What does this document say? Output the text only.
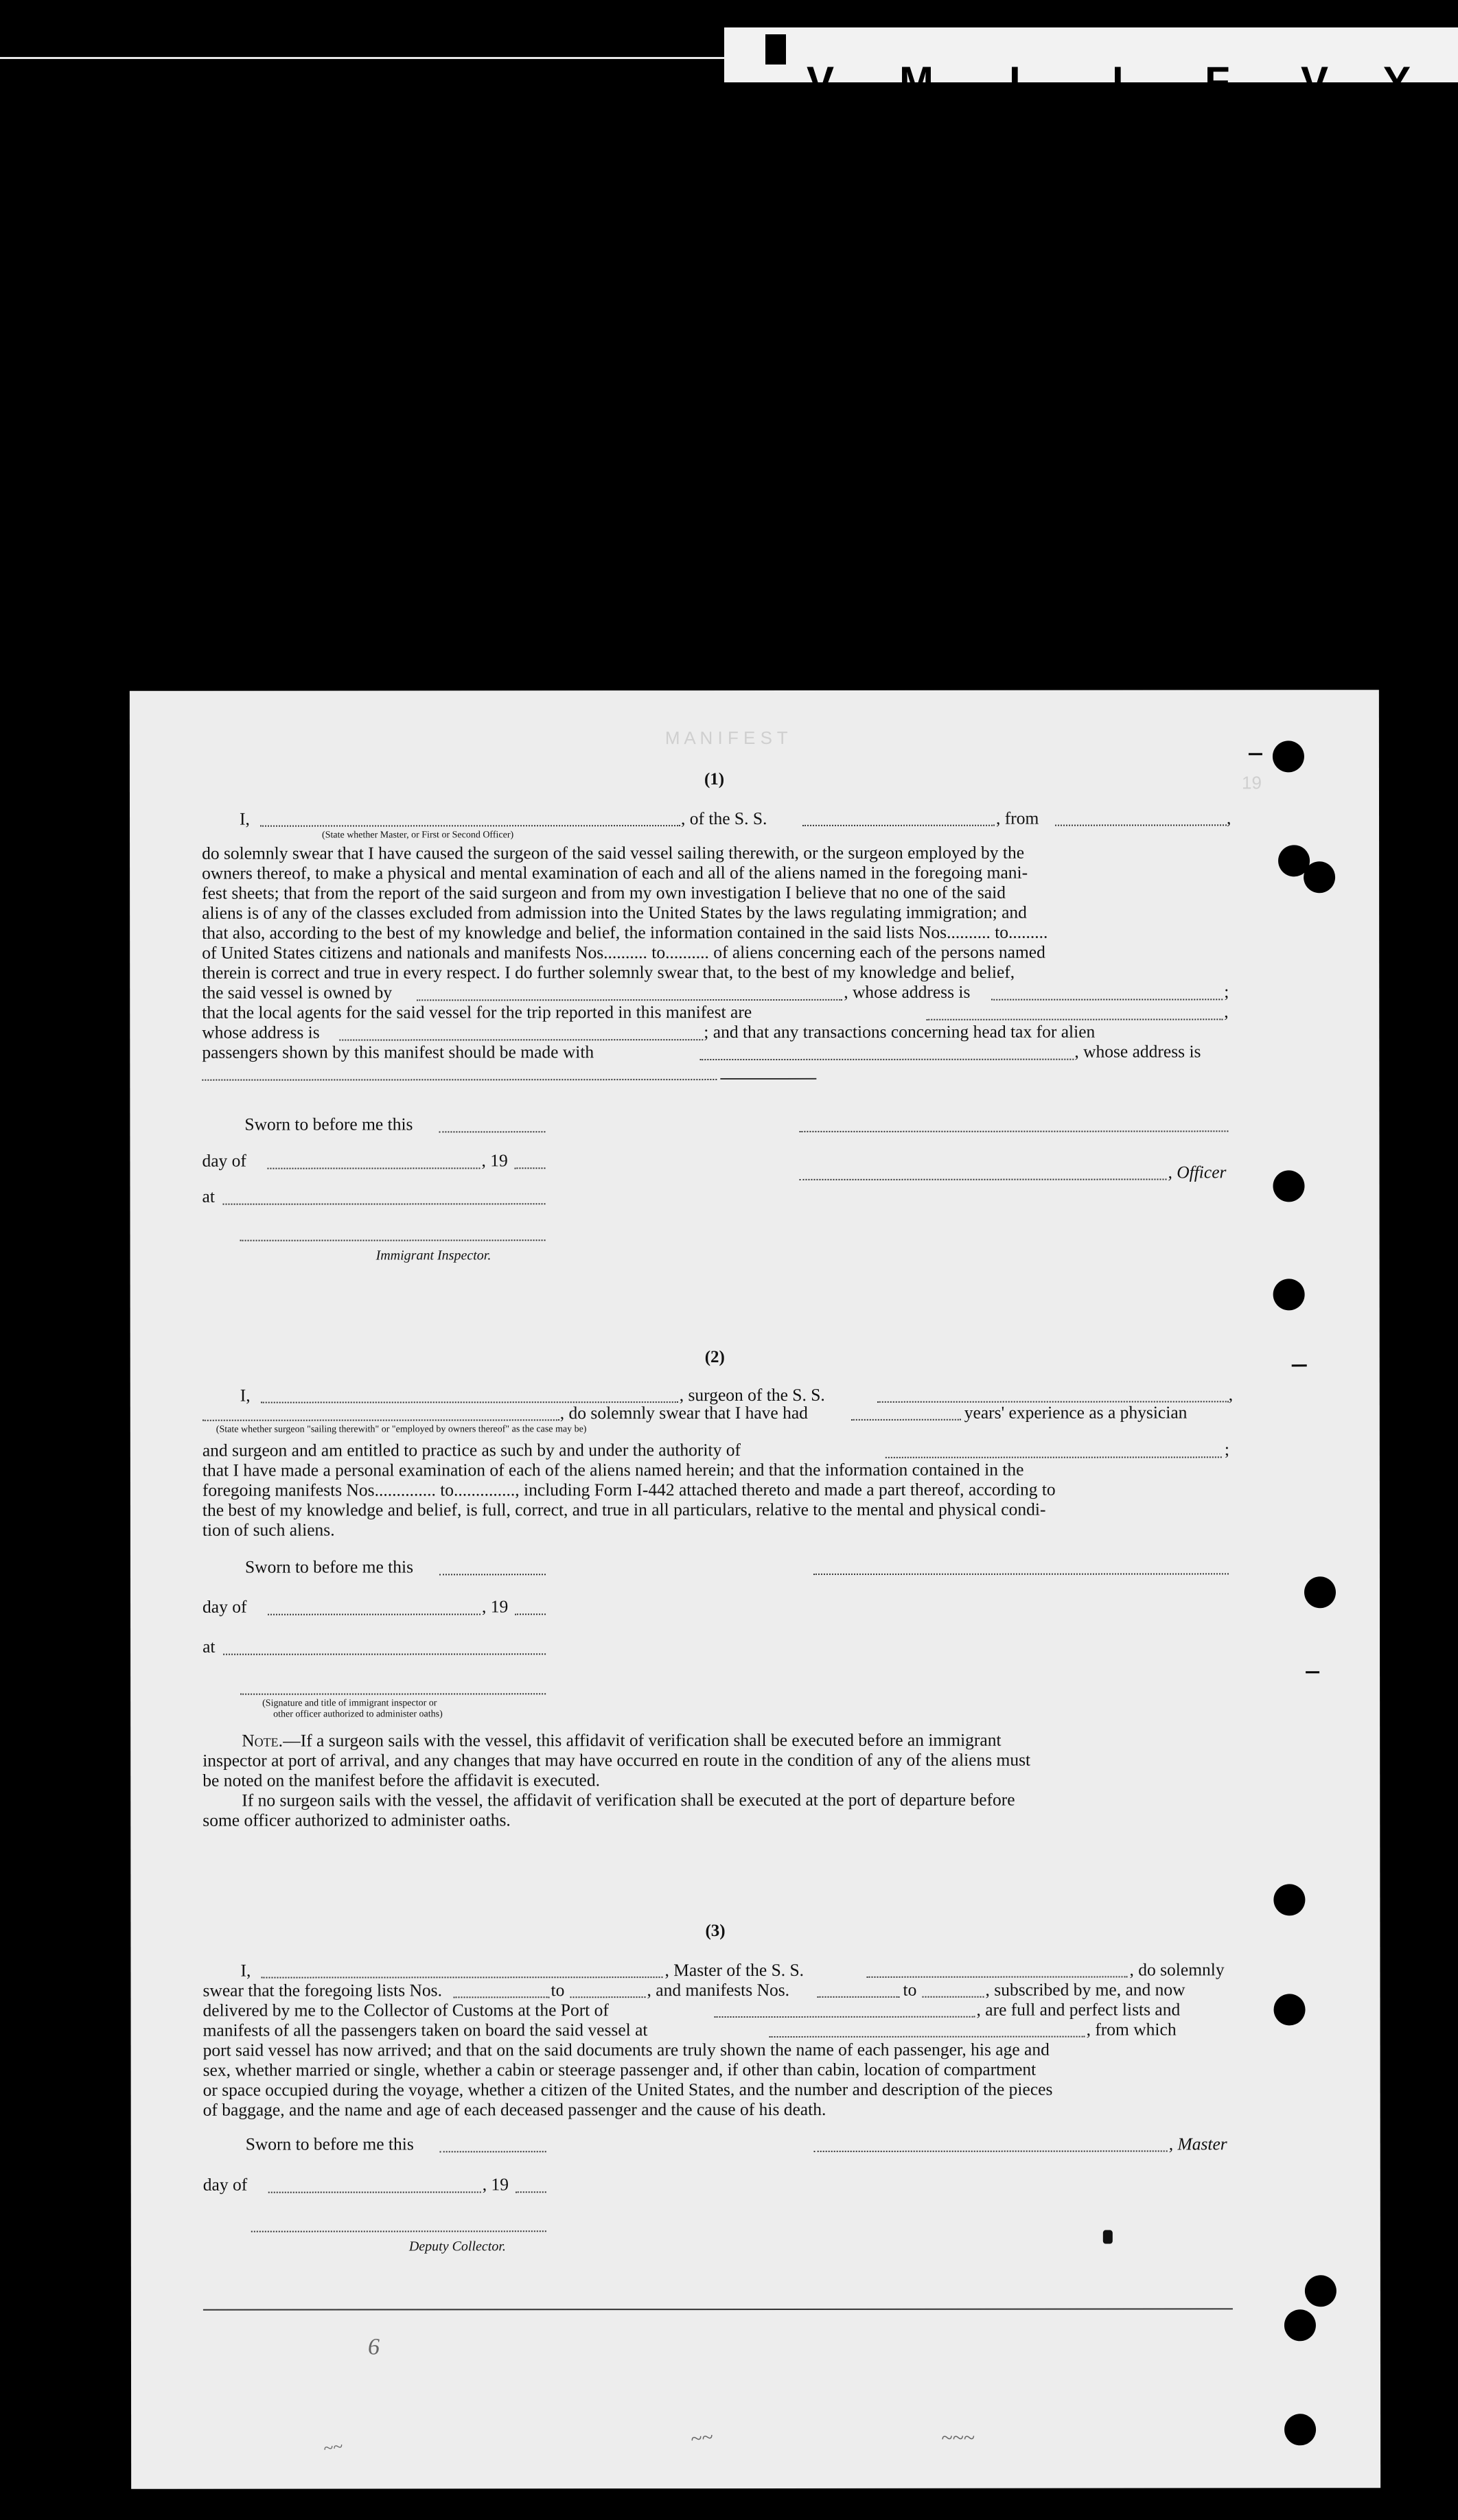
Y
V
F
I
L
M
V
M A N I F E S T
19
(1)
I,	, of the S. S.	, from	,
(State whether Master, or First or Second Officer)
do solemnly swear that I have caused the surgeon of the said vessel sailing therewith, or the surgeon employed by the
owners thereof, to make a physical and mental examination of each and all of the aliens named in the foregoing mani-
fest sheets; that from the report of the said surgeon and from my own investigation I believe that no one of the said
aliens is of any of the classes excluded from admission into the United States by the laws regulating immigration; and
that also, according to the best of my knowledge and belief, the information contained in the said lists Nos.......... to.........
of United States citizens and nationals and manifests Nos.......... to.......... of aliens concerning each of the persons named
therein is correct and true in every respect. I do further solemnly swear that, to the best of my knowledge and belief,
the said vessel is owned by	, whose address is	;
that the local agents for the said vessel for the trip reported in this manifest are	,
whose address is	; and that any transactions concerning head tax for alien
passengers shown by this manifest should be made with	, whose address is
Sworn to before me this
day of	, 19
, Officer
at
Immigrant Inspector.
(2)
I,	, surgeon of the S. S.	,
, do solemnly swear that I have had	years' experience as a physician
(State whether surgeon "sailing therewith" or "employed by owners thereof" as the case may be)
and surgeon and am entitled to practice as such by and under the authority of	;
that I have made a personal examination of each of the aliens named herein; and that the information contained in the
foregoing manifests Nos.............. to.............., including Form I-442 attached thereto and made a part thereof, according to
the best of my knowledge and belief, is full, correct, and true in all particulars, relative to the mental and physical condi-
tion of such aliens.
Sworn to before me this
day of	, 19
at
(Signature and title of immigrant inspector or
other officer authorized to administer oaths)
Note. —If a surgeon sails with the vessel, this affidavit of verification shall be executed before an immigrant
inspector at port of arrival, and any changes that may have occurred en route in the condition of any of the aliens must
be noted on the manifest before the affidavit is executed.
If no surgeon sails with the vessel, the affidavit of verification shall be executed at the port of departure before
some officer authorized to administer oaths.
(3)
I,	, Master of the S. S.	, do solemnly
swear that the foregoing lists Nos.	to	, and manifests Nos.	to	, subscribed by me, and now
delivered by me to the Collector of Customs at the Port of	, are full and perfect lists and
manifests of all the passengers taken on board the said vessel at	, from which
port said vessel has now arrived; and that on the said documents are truly shown the name of each passenger, his age and
sex, whether married or single, whether a cabin or steerage passenger and, if other than cabin, location of compartment
or space occupied during the voyage, whether a citizen of the United States, and the number and description of the pieces
of baggage, and the name and age of each deceased passenger and the cause of his death.
Sworn to before me this	, Master
day of	, 19
Deputy Collector.
6
~~	~~~
~~
